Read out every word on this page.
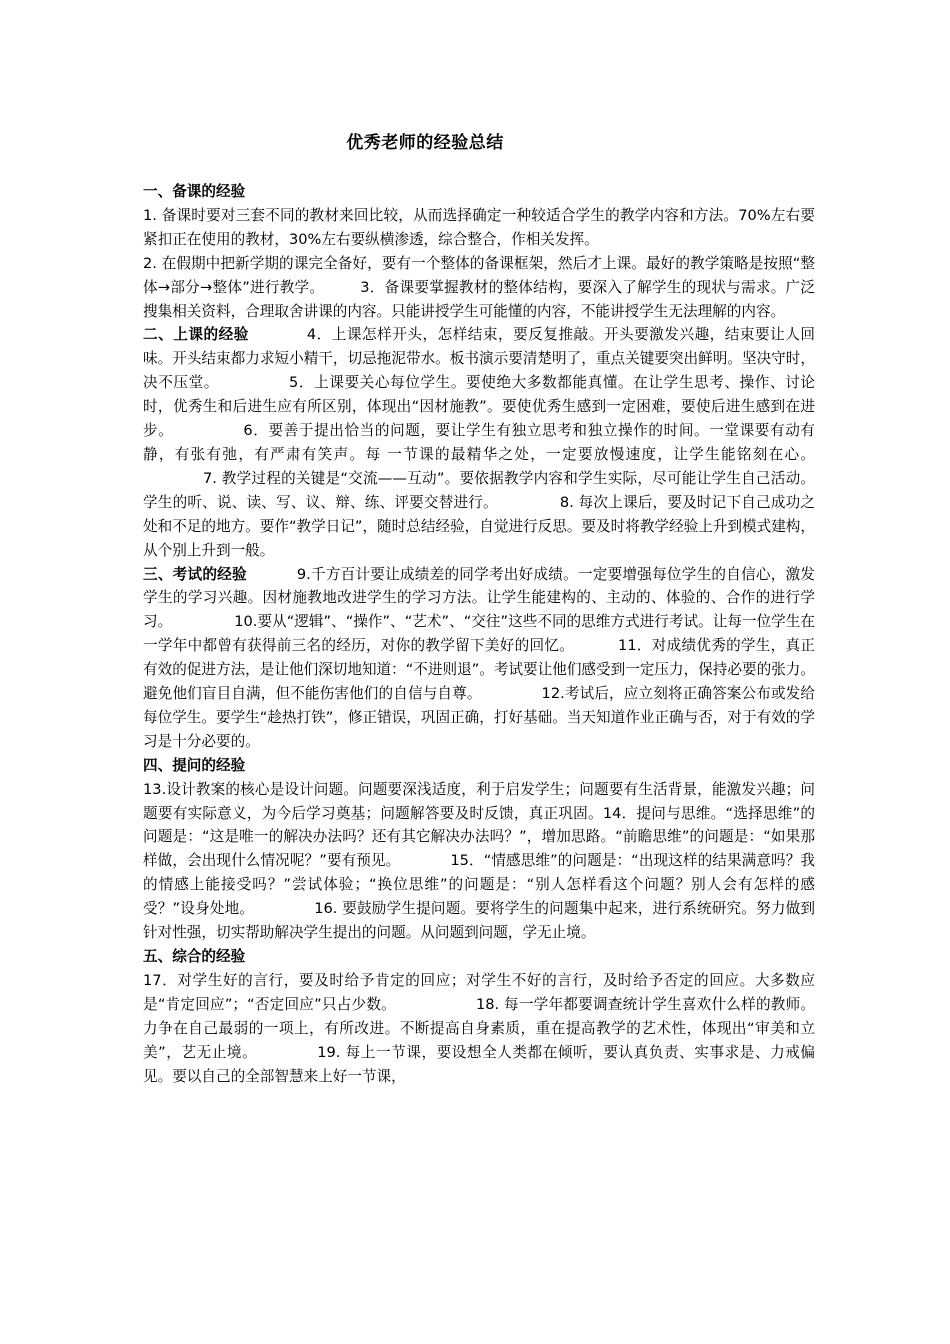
优秀老师的经验总结

一、备课的经验

1. 备课时要对三套不同的教材来回比较，从而选择确定一种较适合学生的教学内容和方法。70%左右要紧扣正在使用的教材，30%左右要纵横渗透，综合整合，作相关发挥。

2. 在假期中把新学期的课完全备好，要有一个整体的备课框架，然后才上课。最好的教学策略是按照“整体→部分→整体”进行教学。 3．备课要掌握教材的整体结构，要深入了解学生的现状与需求。广泛搜集相关资料，合理取舍讲课的内容。只能讲授学生可能懂的内容，不能讲授学生无法理解的内容。

二、上课的经验	4．上课怎样开头，怎样结束，要反复推敲。开头要激发兴趣，结束要让人回味。开头结束都力求短小精干，切忌拖泥带水。板书演示要清楚明了，重点关键要突出鲜明。坚决守时，决不压堂。	5．上课要关心每位学生。要使绝大多数都能真懂。在让学生思考、操作、讨论时，优秀生和后进生应有所区别，体现出“因材施教”。要使优秀生感到一定困难，要使后进生感到在进步。	6．要善于提出恰当的问题，要让学生有独立思考和独立操作的时间。一堂课要有动有静，有张有弛，有严肃有笑声。每 一节课的最精华之处，一定要放慢速度，让学生能铭刻在心。7. 教学过程的关键是“交流——互动”。要依据教学内容和学生实际，尽可能让学生自己活动。学生的听、说、读、写、议、辩、练、评要交替进行。	8. 每次上课后，要及时记下自己成功之处和不足的地方。要作“教学日记”，随时总结经验，自觉进行反思。要及时将教学经验上升到模式建构，从个别上升到一般。

三、考试的经验	9.千方百计要让成绩差的同学考出好成绩。一定要增强每位学生的自信心，激发学生的学习兴趣。因材施教地改进学生的学习方法。让学生能建构的、主动的、体验的、合作的进行学习。	10.要从“逻辑”、“操作”、“艺术”、“交往”这些不同的思维方式进行考试。让每一位学生在一学年中都曾有获得前三名的经历，对你的教学留下美好的回忆。	11．对成绩优秀的学生，真正有效的促进方法，是让他们深切地知道：“不进则退”。考试要让他们感受到一定压力，保持必要的张力。避免他们盲目自满，但不能伤害他们的自信与自尊。	12.考试后，应立刻将正确答案公布或发给每位学生。要学生“趁热打铁”，修正错误，巩固正确，打好基础。当天知道作业正确与否，对于有效的学习是十分必要的。

四、提问的经验

13.设计教案的核心是设计问题。问题要深浅适度，利于启发学生；问题要有生活背景，能激发兴趣；问题要有实际意义，为今后学习奠基；问题解答要及时反馈，真正巩固。14．提问与思维。“选择思维”的问题是：“这是唯一的解决办法吗？还有其它解决办法吗？”，增加思路。“前瞻思维”的问题是：“如果那样做，会出现什么情况呢？”要有预见。	15．“情感思维”的问题是：“出现这样的结果满意吗？我的情感上能接受吗？”尝试体验；“换位思维”的问题是：“别人怎样看这个问题？别人会有怎样的感受？”设身处地。	16. 要鼓励学生提问题。要将学生的问题集中起来，进行系统研究。努力做到针对性强，切实帮助解决学生提出的问题。从问题到问题，学无止境。

五、综合的经验

17．对学生好的言行，要及时给予肯定的回应；对学生不好的言行，及时给予否定的回应。大多数应是“肯定回应”；“否定回应”只占少数。	18. 每一学年都要调查统计学生喜欢什么样的教师。力争在自己最弱的一项上，有所改进。不断提高自身素质，重在提高教学的艺术性，体现出“审美和立美”，艺无止境。	19. 每上一节课，要设想全人类都在倾听，要认真负责、实事求是、力戒偏见。要以自己的全部智慧来上好一节课，
